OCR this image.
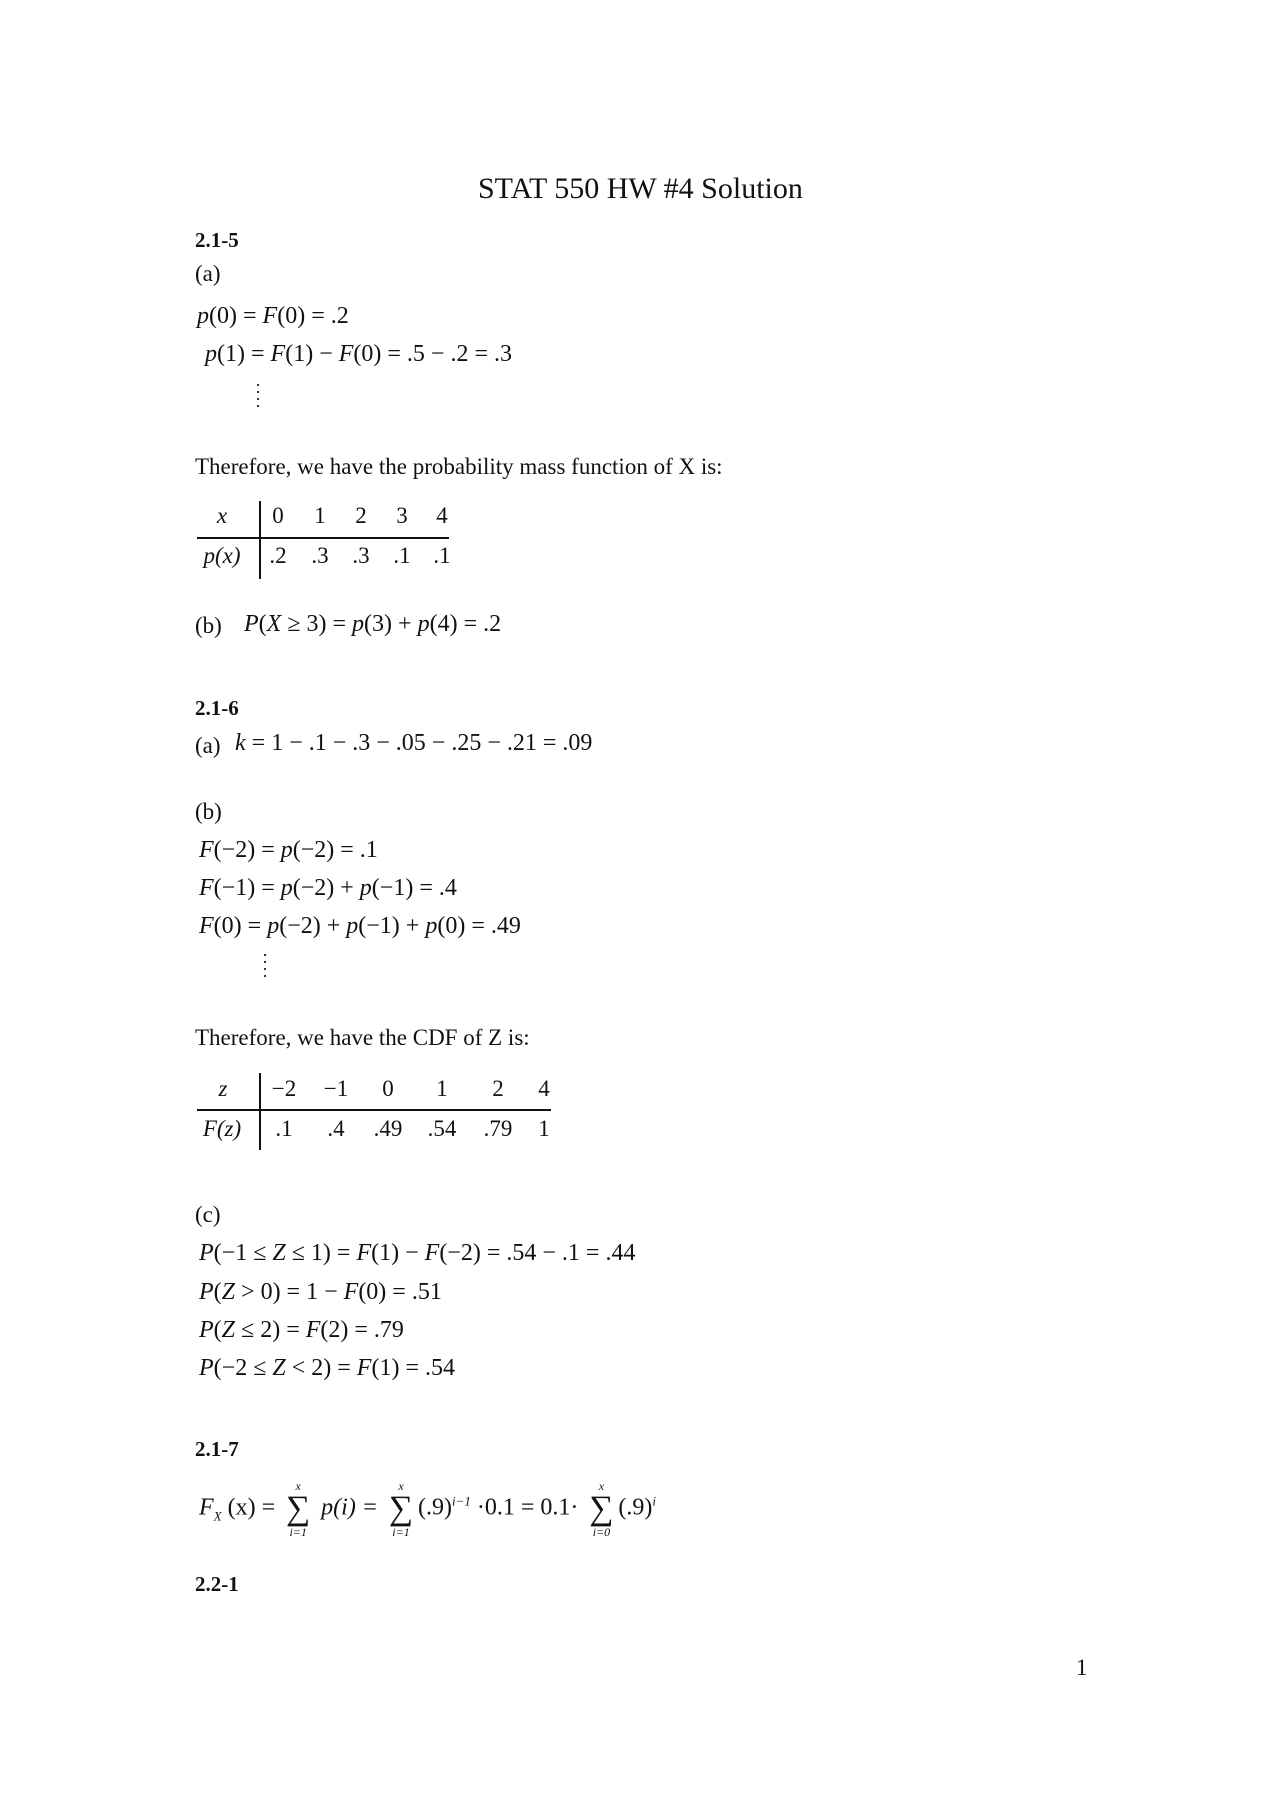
STAT 550 HW #4 Solution
2.1-5
(a)
p(0) = F(0) = .2
p(1) = F(1) − F(0) = .5 − .2 = .3
Therefore, we have the probability mass function of X is:
x
p(x)
0 1 2 3 4
.2 .3 .3 .1 .1
(b) P(X ≥ 3) = p(3) + p(4) = .2
2.1-6
(a) k = 1 − .1 − .3 − .05 − .25 − .21 = .09
(b)
F(−2) = p(−2) = .1
F(−1) = p(−2) + p(−1) = .4
F(0) = p(−2) + p(−1) + p(0) = .49
Therefore, we have the CDF of Z is:
z
F(z)
−2 −1 0 1 2 4
.1 .4 .49 .54 .79 1
(c)
P(−1 ≤ Z ≤ 1) = F(1) − F(−2) = .54 − .1 = .44
P(Z > 0) = 1 − F(0) = .51
P(Z ≤ 2) = F(2) = .79
P(−2 ≤ Z < 2) = F(1) = .54
2.1-7
$F_X$ (x) =
x
∑
i=1
p(i) =
x
∑
i=1
$(.9)^{i-1} \cdot 0.1 = 0.1\cdot$
x
∑
i=0
$(.9)^i$
2.2-1
1
